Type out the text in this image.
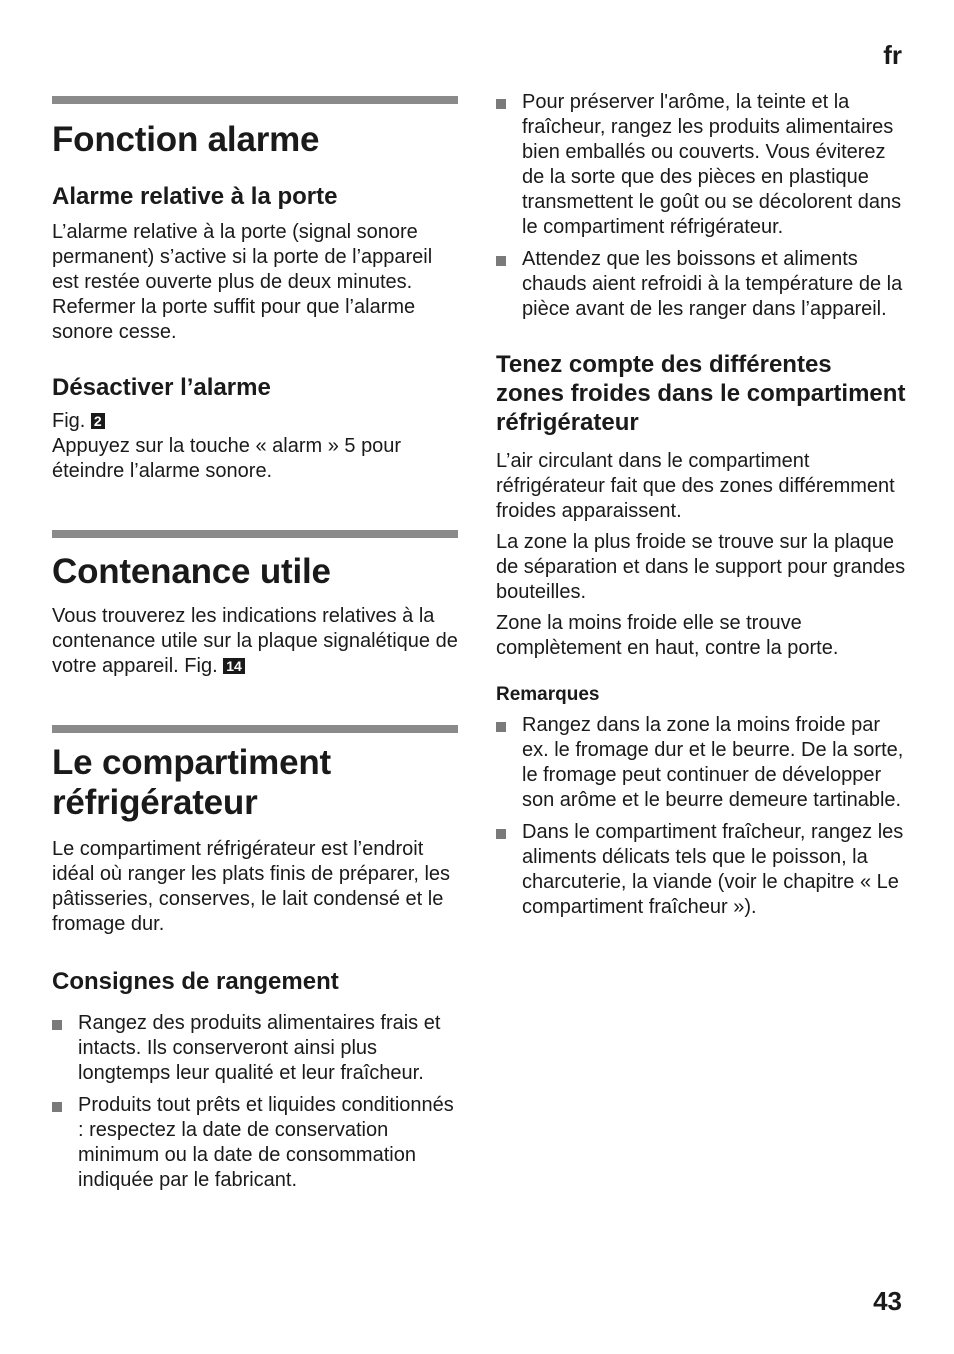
fr
Fonction alarme
Alarme relative à la porte

L’alarme relative à la porte (signal sonore permanent) s’active si la porte de l’appareil est restée ouverte plus de deux minutes. Refermer la porte suffit pour que l’alarme sonore cesse.

Désactiver l’alarme

Fig. 2

Appuyez sur la touche « alarm » 5 pour éteindre l’alarme sonore.

Contenance utile

Vous trouverez les indications relatives à la contenance utile sur la plaque signalétique de votre appareil. Fig. 14

Le compartiment
réfrigérateur

Le compartiment réfrigérateur est l’endroit idéal où ranger les plats finis de préparer, les pâtisseries, conserves, le lait condensé et le fromage dur.

Consignes de rangement
Rangez des produits alimentaires frais et intacts. Ils conserveront ainsi plus longtemps leur qualité et leur fraîcheur.
Produits tout prêts et liquides conditionnés : respectez la date de conservation minimum ou la date de consommation indiquée par le fabricant.
Pour préserver l'arôme, la teinte et la fraîcheur, rangez les produits alimentaires bien emballés ou couverts. Vous éviterez de la sorte que des pièces en plastique transmettent le goût ou se décolorent dans le compartiment réfrigérateur.
Attendez que les boissons et aliments chauds aient refroidi à la température de la pièce avant de les ranger dans l’appareil.
Tenez compte des différentes zones froides dans le compartiment réfrigérateur

L’air circulant dans le compartiment réfrigérateur fait que des zones différemment froides apparaissent.

La zone la plus froide se trouve sur la plaque de séparation et dans le support pour grandes bouteilles.

Zone la moins froide elle se trouve complètement en haut, contre la porte.

Remarques
Rangez dans la zone la moins froide par ex. le fromage dur et le beurre. De la sorte, le fromage peut continuer de développer son arôme et le beurre demeure tartinable.
Dans le compartiment fraîcheur, rangez les aliments délicats tels que le poisson, la charcuterie, la viande (voir le chapitre « Le compartiment fraîcheur »).
43
